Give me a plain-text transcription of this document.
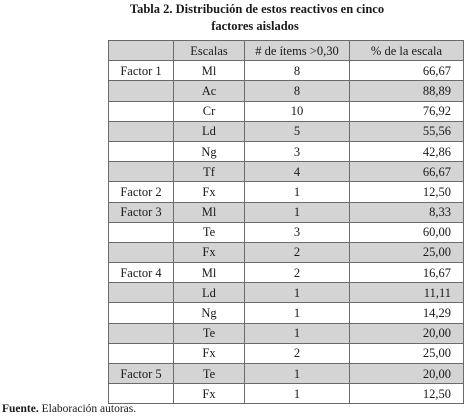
Tabla 2. Distribución de estos reactivos en cinco
factores aislados
	Escalas	# de ítems >0,30	% de la escala
Factor 1	Ml	8	66,67
	Ac	8	88,89
	Cr	10	76,92
	Ld	5	55,56
	Ng	3	42,86
	Tf	4	66,67
Factor 2	Fx	1	12,50
Factor 3	Ml	1	8,33
	Te	3	60,00
	Fx	2	25,00
Factor 4	Ml	2	16,67
	Ld	1	11,11
	Ng	1	14,29
	Te	1	20,00
	Fx	2	25,00
Factor 5	Te	1	20,00
	Fx	1	12,50
Fuente. Elaboración autoras.
